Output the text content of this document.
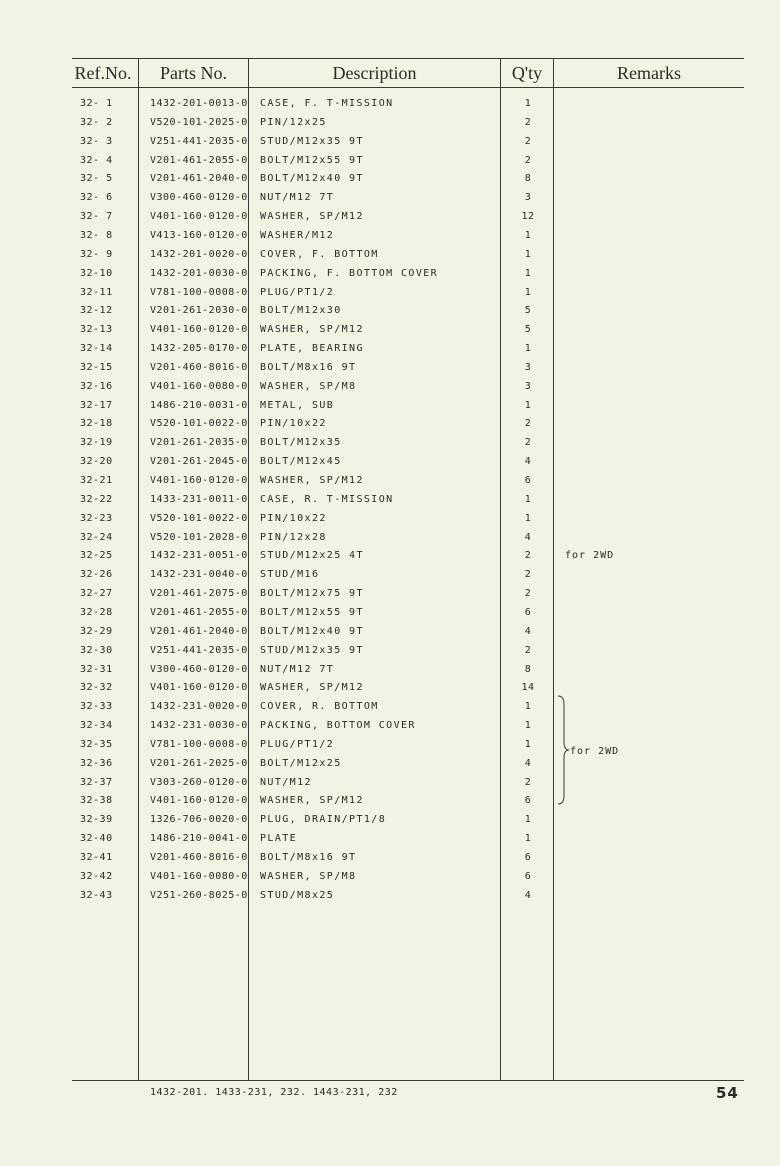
Ref.No.	Parts No.	Description	Q'ty	Remarks
32- 1	1432-201-0013-0 CASE, F. T-MISSION	1
32- 2	V520-101-2025-0 PIN/12x25	2
32- 3	V251-441-2035-0 STUD/M12x35 9T	2
32- 4	V201-461-2055-0 BOLT/M12x55 9T	2
32- 5	V201-461-2040-0 BOLT/M12x40 9T	8
32- 6	V300-460-0120-0 NUT/M12 7T	3
32- 7	V401-160-0120-0 WASHER, SP/M12	12
32- 8	V413-160-0120-0 WASHER/M12	1
32- 9	1432-201-0020-0 COVER, F. BOTTOM	1
32-10	1432-201-0030-0 PACKING, F. BOTTOM COVER	1
32-11	V781-100-0008-0 PLUG/PT1/2	1
32-12	V201-261-2030-0 BOLT/M12x30	5
32-13	V401-160-0120-0 WASHER, SP/M12	5
32-14	1432-205-0170-0 PLATE, BEARING	1
32-15	V201-460-8016-0 BOLT/M8x16 9T	3
32-16	V401-160-0080-0 WASHER, SP/M8	3
32-17	1486-210-0031-0 METAL, SUB	1
32-18	V520-101-0022-0 PIN/10x22	2
32-19	V201-261-2035-0 BOLT/M12x35	2
32-20	V201-261-2045-0 BOLT/M12x45	4
32-21	V401-160-0120-0 WASHER, SP/M12	6
32-22	1433-231-0011-0 CASE, R. T-MISSION	1
32-23	V520-101-0022-0 PIN/10x22	1
32-24	V520-101-2028-0 PIN/12x28	4
32-25	1432-231-0051-0 STUD/M12x25 4T	2	for 2WD
32-26	1432-231-0040-0 STUD/M16	2
32-27	V201-461-2075-0 BOLT/M12x75 9T	2
32-28	V201-461-2055-0 BOLT/M12x55 9T	6
32-29	V201-461-2040-0 BOLT/M12x40 9T	4
32-30	V251-441-2035-0 STUD/M12x35 9T	2
32-31	V300-460-0120-0 NUT/M12 7T	8
32-32	V401-160-0120-0 WASHER, SP/M12	14
32-33	1432-231-0020-0 COVER, R. BOTTOM	1
32-34	1432-231-0030-0 PACKING, BOTTOM COVER	1
32-35	V781-100-0008-0 PLUG/PT1/2	1
32-36	V201-261-2025-0 BOLT/M12x25	4
32-37	V303-260-0120-0 NUT/M12	2
32-38	V401-160-0120-0 WASHER, SP/M12	6
32-39	1326-706-0020-0 PLUG, DRAIN/PT1/8	1
32-40	1486-210-0041-0 PLATE	1
32-41	V201-460-8016-0 BOLT/M8x16 9T	6
32-42	V401-160-0080-0 WASHER, SP/M8	6
32-43	V251-260-8025-0 STUD/M8x25	4
for 2WD
1432-201. 1433-231, 232. 1443-231, 232	54
